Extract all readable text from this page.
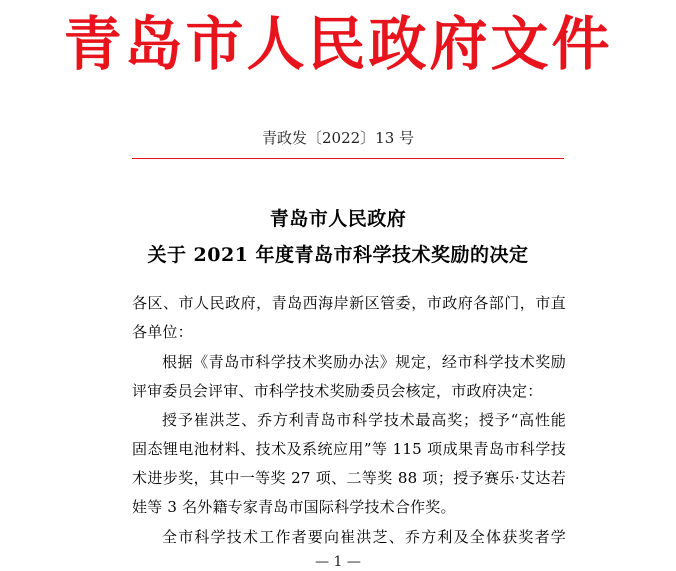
青岛市人民政府文件
青政发〔2022〕13 号
青岛市人民政府
关于 2021 年度青岛市科学技术奖励的决定
各区、市人民政府，青岛西海岸新区管委，市政府各部门，市直
各单位：
根据《青岛市科学技术奖励办法》规定，经市科学技术奖励
评审委员会评审、市科学技术奖励委员会核定，市政府决定：
授予崔洪芝、乔方利青岛市科学技术最高奖；授予“高性能
固态锂电池材料、技术及系统应用”等 115 项成果青岛市科学技
术进步奖，其中一等奖 27 项、二等奖 88 项；授予赛乐·艾达若
娃等 3 名外籍专家青岛市国际科学技术合作奖。
全市科学技术工作者要向崔洪芝、乔方利及全体获奖者学
— 1 —
